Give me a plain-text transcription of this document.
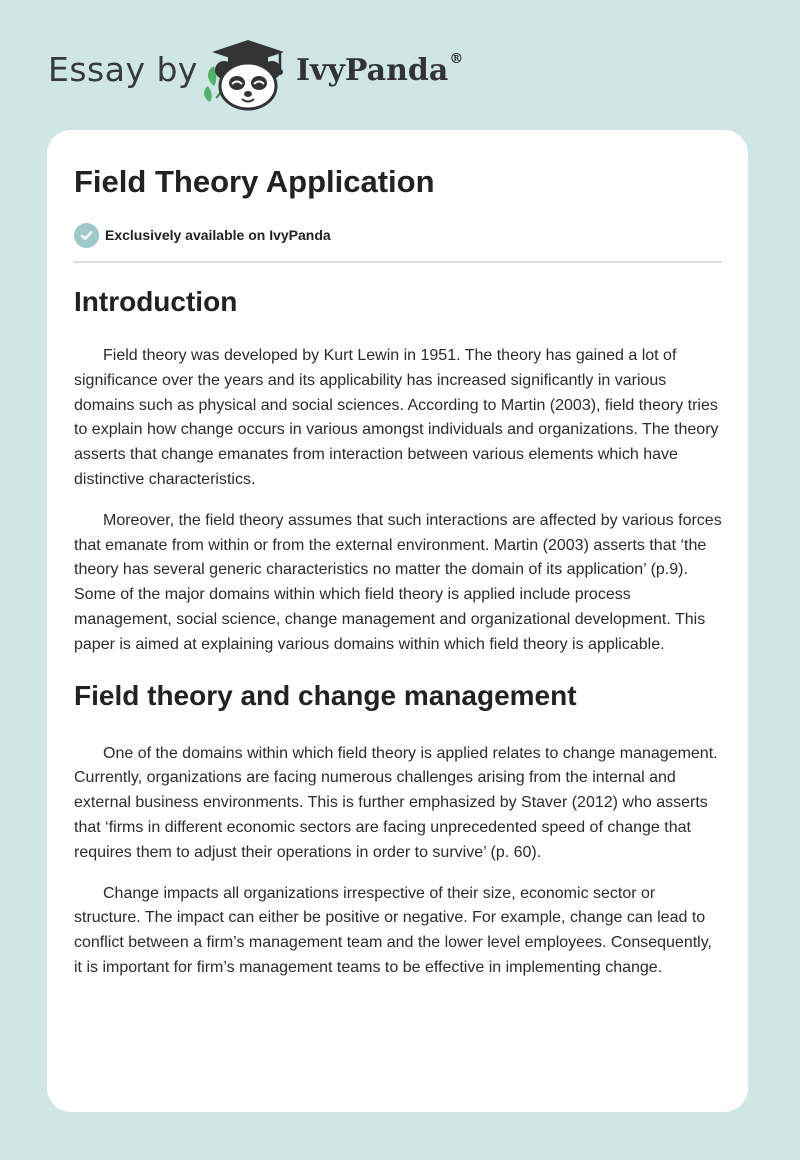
Essay by	IvyPanda®
Field Theory Application
Exclusively available on IvyPanda
Introduction

Field theory was developed by Kurt Lewin in 1951. The theory has gained a lot of significance over the years and its applicability has increased significantly in various domains such as physical and social sciences. According to Martin (2003), field theory tries to explain how change occurs in various amongst individuals and organizations. The theory asserts that change emanates from interaction between various elements which have distinctive characteristics.

Moreover, the field theory assumes that such interactions are affected by various forces that emanate from within or from the external environment. Martin (2003) asserts that ‘the theory has several generic characteristics no matter the domain of its application’ (p.9). Some of the major domains within which field theory is applied include process management, social science, change management and organizational development. This paper is aimed at explaining various domains within which field theory is applicable.

Field theory and change management

One of the domains within which field theory is applied relates to change management. Currently, organizations are facing numerous challenges arising from the internal and external business environments. This is further emphasized by Staver (2012) who asserts that ‘firms in different economic sectors are facing unprecedented speed of change that requires them to adjust their operations in order to survive’ (p. 60).

Change impacts all organizations irrespective of their size, economic sector or structure. The impact can either be positive or negative. For example, change can lead to conflict between a firm’s management team and the lower level employees. Consequently, it is important for firm’s management teams to be effective in implementing change.
